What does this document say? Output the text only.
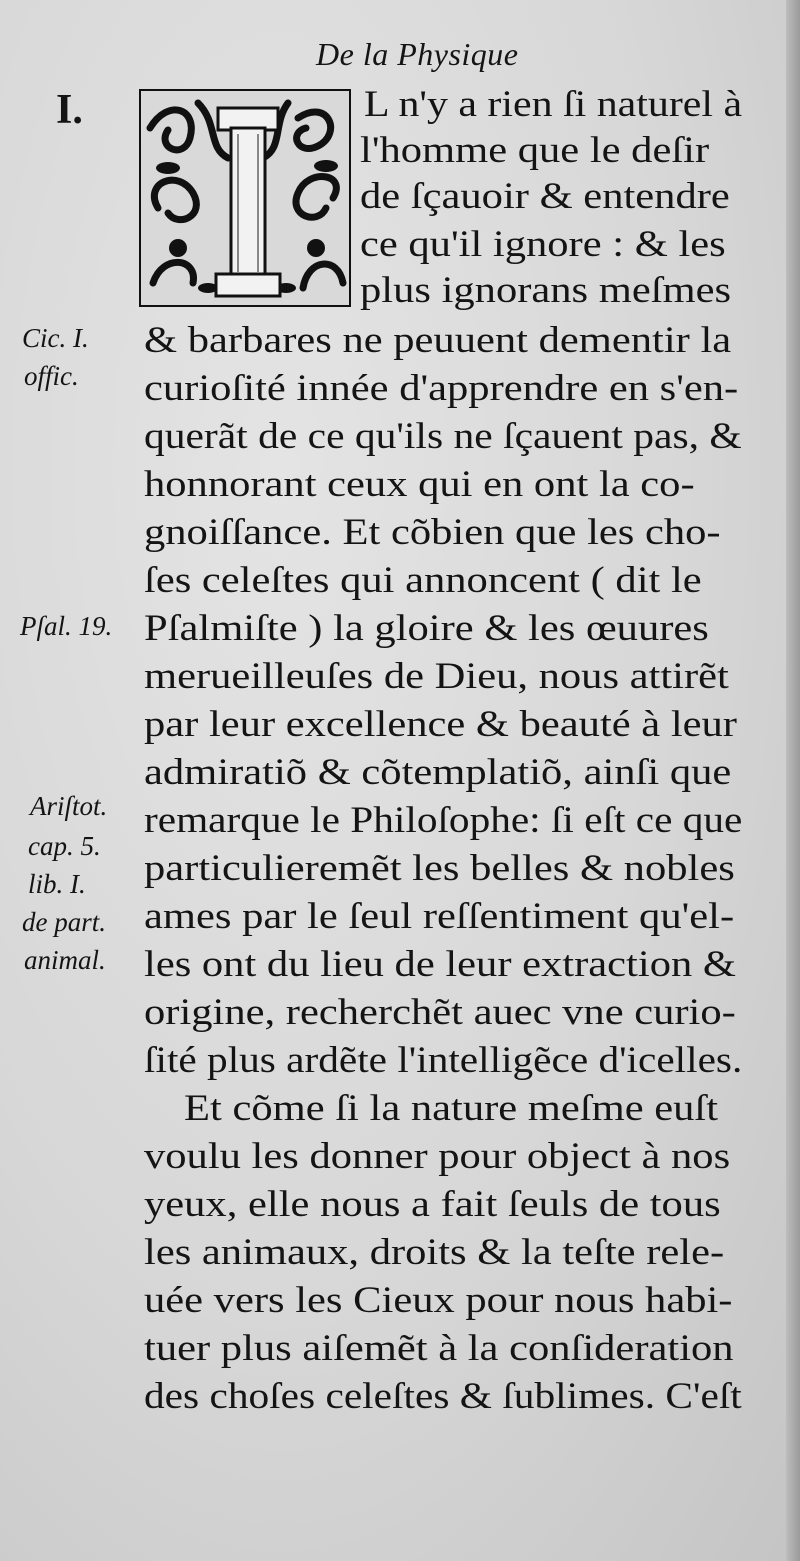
De la Physique
I.
Cic. I.
offic.
Pſal. 19.
Ariſtot.
cap. 5.
lib. I.
de part.
animal.
L n'y a rien ſi naturel à
l'homme que le deſir
de ſçauoir & entendre
ce qu'il ignore : & les
plus ignorans meſmes
& barbares ne peuuent dementir la
curioſité innée d'apprendre en s'en-
querãt de ce qu'ils ne ſçauent pas, &
honnorant ceux qui en ont la co-
gnoiſſance. Et cõbien que les cho-
ſes celeſtes qui annoncent ( dit le
Pſalmiſte ) la gloire & les œuures
merueilleuſes de Dieu, nous attirẽt
par leur excellence & beauté à leur
admiratiõ & cõtemplatiõ, ainſi que
remarque le Philoſophe: ſi eſt ce que
particulieremẽt les belles & nobles
ames par le ſeul reſſentiment qu'el-
les ont du lieu de leur extraction &
origine, recherchẽt auec vne curio-
ſité plus ardẽte l'intelligẽce d'icelles.
Et cõme ſi la nature meſme euſt
voulu les donner pour object à nos
yeux, elle nous a fait ſeuls de tous
les animaux, droits & la teſte rele-
uée vers les Cieux pour nous habi-
tuer plus aiſemẽt à la conſideration
des choſes celeſtes & ſublimes. C'eſt
